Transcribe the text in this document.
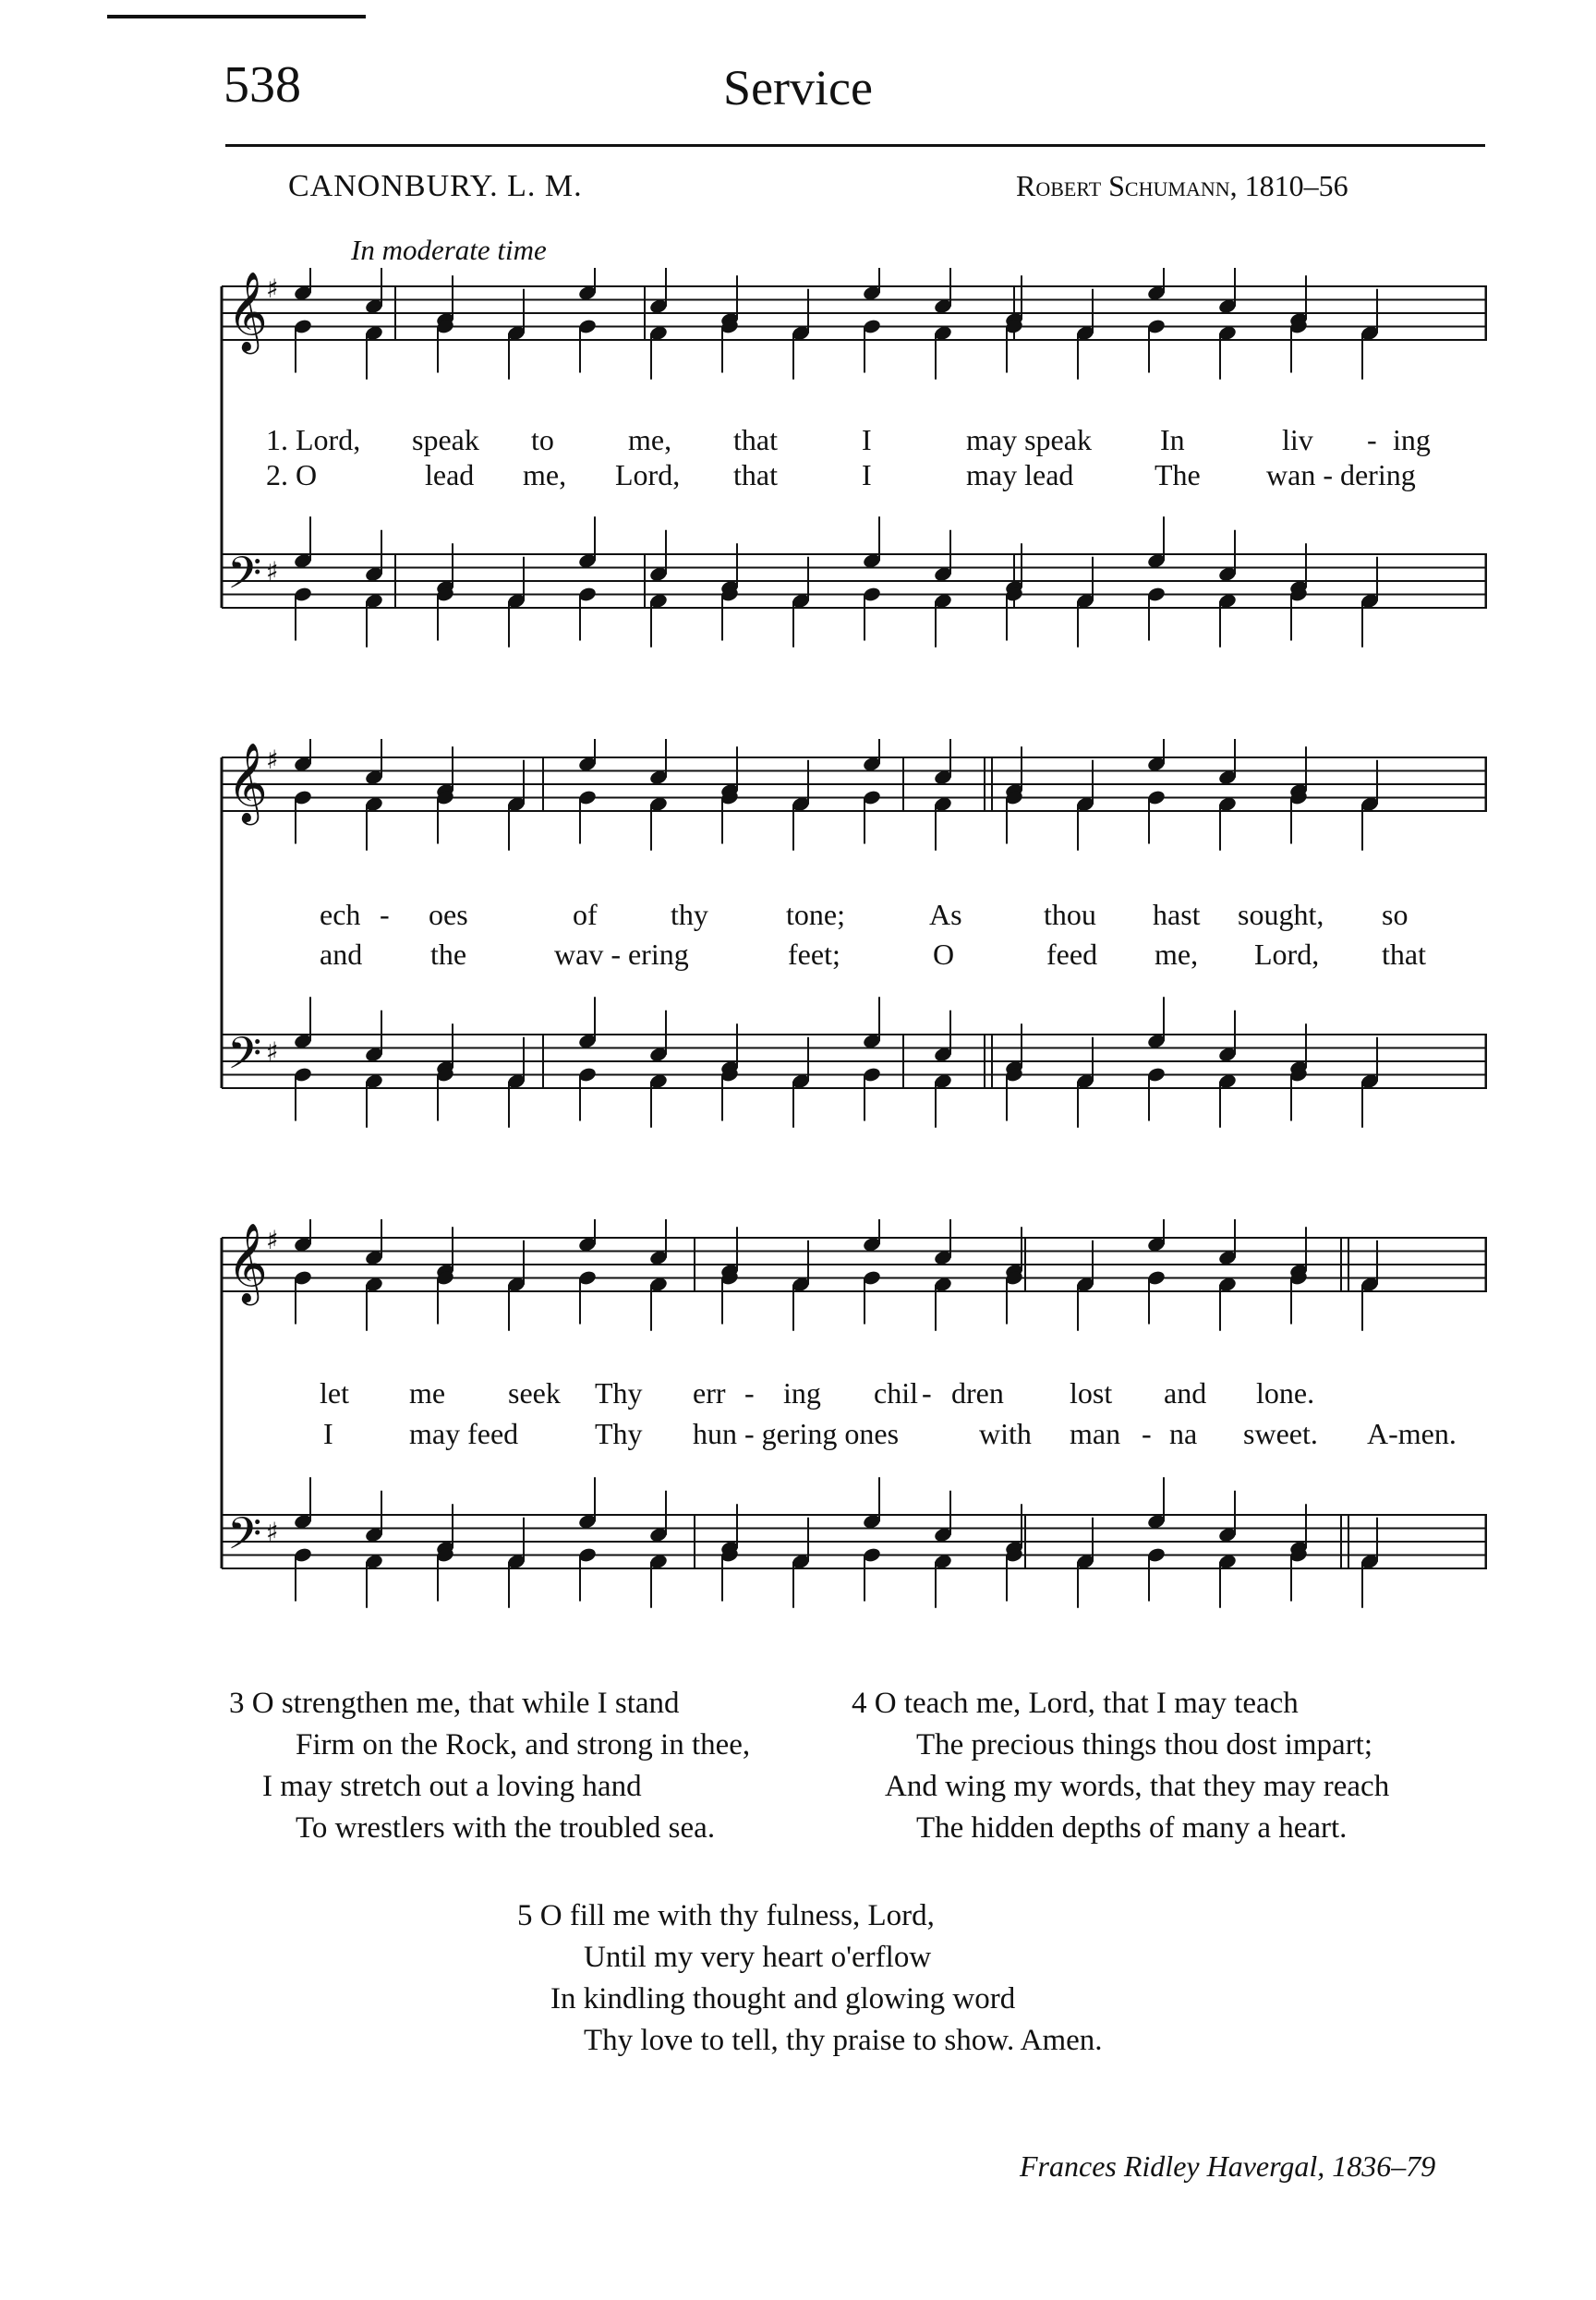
538	Service
CANONBURY. L. M.	Robert Schumann, 1810–56
In moderate time
𝄞
♯
𝄢 ♯
1. Lord, speak to	me, that	I	may speak In	liv - ing
2. O	lead me, Lord, that	I	may lead	The wan - dering
𝄞
♯
𝄢 ♯
ech - oes	of thy	tone;	As	thou hast sought, so
and the	wav - ering	feet;	O	feed me, Lord, that
𝄞
♯
𝄢 ♯
let me seek Thy err - ing chil - dren lost and lone.
I	may feed	Thy hun - gering ones	with man - na sweet. A-men.
3 O strengthen me, that while I stand
Firm on the Rock, and strong in thee,
I may stretch out a loving hand
To wrestlers with the troubled sea.
4 O teach me, Lord, that I may teach
The precious things thou dost impart;
And wing my words, that they may reach
The hidden depths of many a heart.
5 O fill me with thy fulness, Lord,
Until my very heart o'erflow
In kindling thought and glowing word
Thy love to tell, thy praise to show. Amen.
Frances Ridley Havergal, 1836–79
